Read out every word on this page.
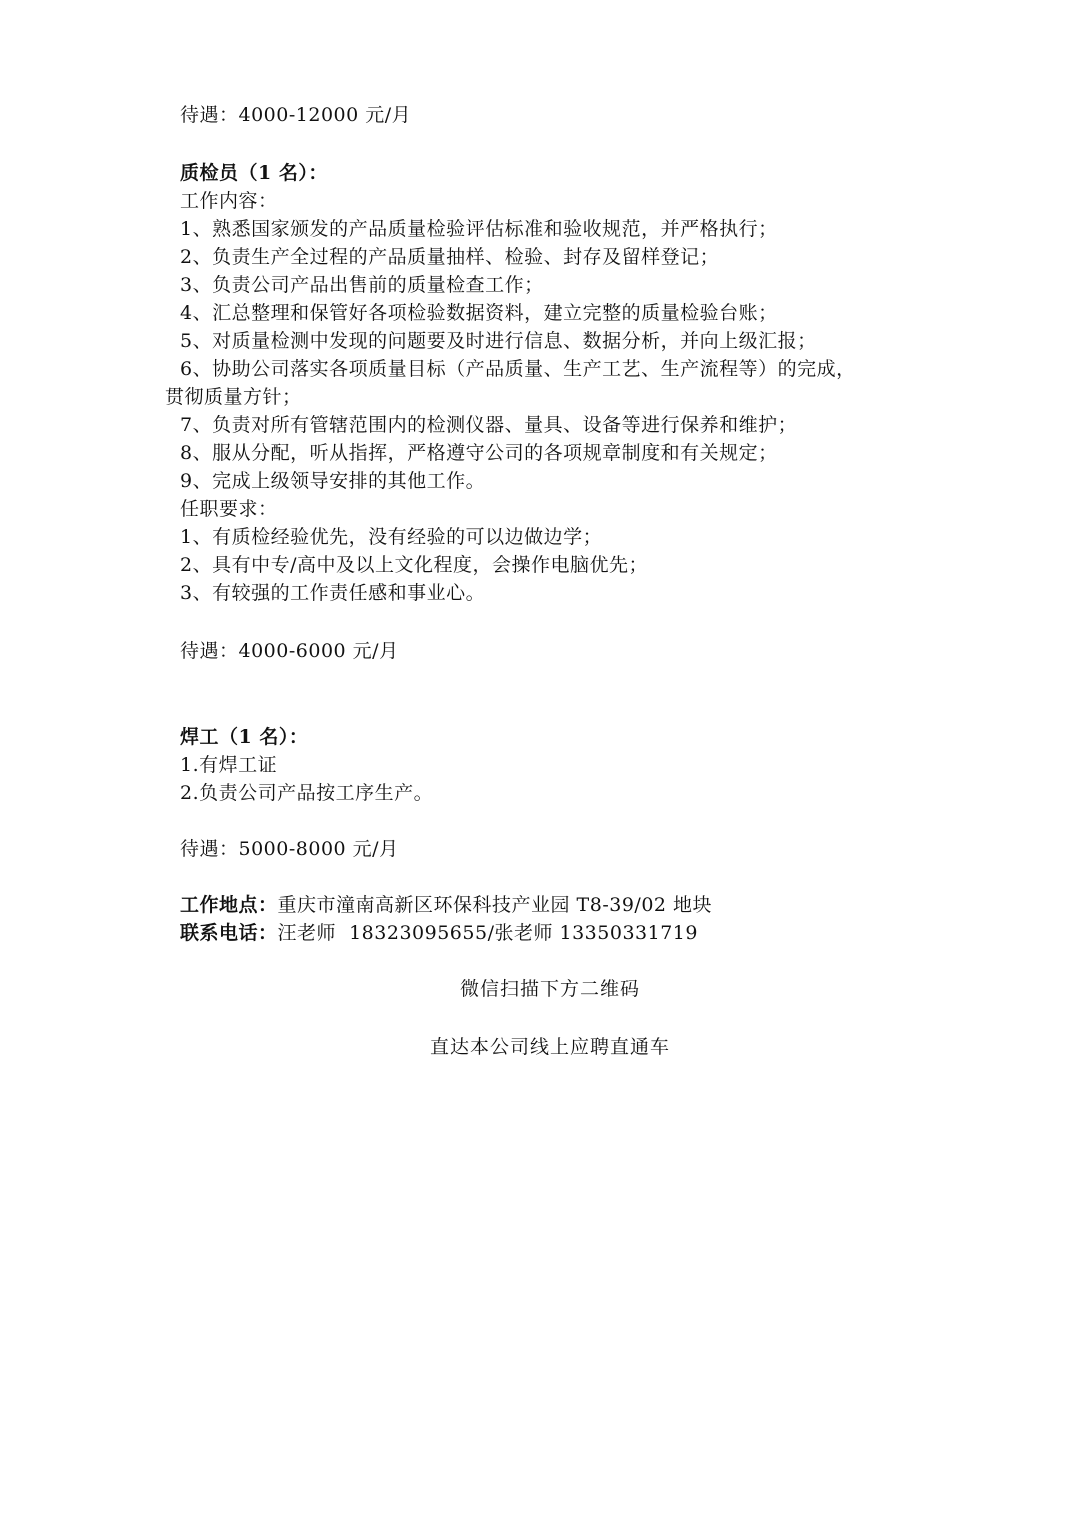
待遇：4000-12000 元/月
质检员（1 名）：
工作内容：
1、熟悉国家颁发的产品质量检验评估标准和验收规范，并严格执行；
2、负责生产全过程的产品质量抽样、检验、封存及留样登记；
3、负责公司产品出售前的质量检查工作；
4、汇总整理和保管好各项检验数据资料，建立完整的质量检验台账；
5、对质量检测中发现的问题要及时进行信息、数据分析，并向上级汇报；
6、协助公司落实各项质量目标（产品质量、生产工艺、生产流程等）的完成，
贯彻质量方针；
7、负责对所有管辖范围内的检测仪器、量具、设备等进行保养和维护；
8、服从分配，听从指挥，严格遵守公司的各项规章制度和有关规定；
9、完成上级领导安排的其他工作。
任职要求：
1、有质检经验优先，没有经验的可以边做边学；
2、具有中专/高中及以上文化程度，会操作电脑优先；
3、有较强的工作责任感和事业心。
待遇：4000-6000 元/月
焊工（1 名）：
1.有焊工证
2.负责公司产品按工序生产。
待遇：5000-8000 元/月
工作地点：重庆市潼南高新区环保科技产业园 T8-39/02 地块
联系电话：汪老师  18323095655/张老师 13350331719
微信扫描下方二维码
直达本公司线上应聘直通车
